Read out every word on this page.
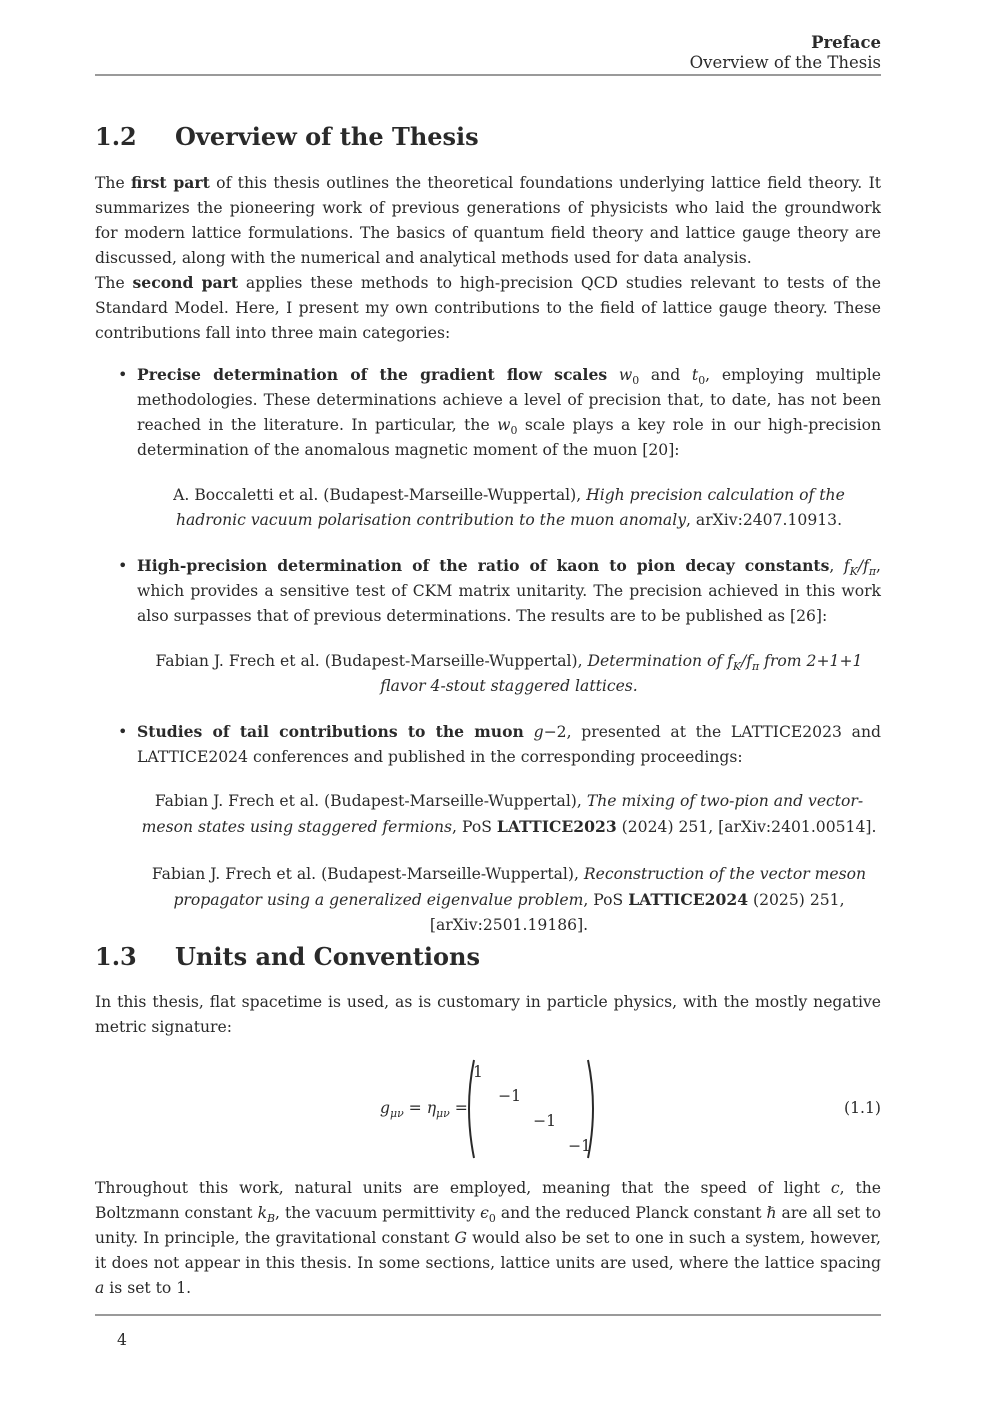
Preface
Overview of the Thesis
1.2 Overview of the Thesis
The first part of this thesis outlines the theoretical foundations underlying lattice field theory. It summarizes the pioneering work of previous generations of physicists who laid the groundwork for modern lattice formulations. The basics of quantum field theory and lattice gauge theory are discussed, along with the numerical and analytical methods used for data analysis.
The second part applies these methods to high-precision QCD studies relevant to tests of the Standard Model. Here, I present my own contributions to the field of lattice gauge theory. These contributions fall into three main categories:
• Precise determination of the gradient flow scales $w_0$ and $t_0$, employing multiple methodologies. These determinations achieve a level of precision that, to date, has not been reached in the literature. In particular, the $w_0$ scale plays a key role in our high-precision determination of the anomalous magnetic moment of the muon [20]:
A. Boccaletti et al. (Budapest-Marseille-Wuppertal), High precision calculation of the hadronic vacuum polarisation contribution to the muon anomaly, arXiv:2407.10913.
• High-precision determination of the ratio of kaon to pion decay constants, $f_K/f_\pi$, which provides a sensitive test of CKM matrix unitarity. The precision achieved in this work also surpasses that of previous determinations. The results are to be published as [26]:
Fabian J. Frech et al. (Budapest-Marseille-Wuppertal), Determination of $f_K/f_\pi$ from 2+1+1 flavor 4-stout staggered lattices.
• Studies of tail contributions to the muon g−2, presented at the LATTICE2023 and LATTICE2024 conferences and published in the corresponding proceedings:
Fabian J. Frech et al. (Budapest-Marseille-Wuppertal), The mixing of two-pion and vector-meson states using staggered fermions, PoS LATTICE2023 (2024) 251, [arXiv:2401.00514].
Fabian J. Frech et al. (Budapest-Marseille-Wuppertal), Reconstruction of the vector meson propagator using a generalized eigenvalue problem, PoS LATTICE2024 (2025) 251, [arXiv:2501.19186].
1.3 Units and Conventions
In this thesis, flat spacetime is used, as is customary in particle physics, with the mostly negative metric signature:
$g_{\mu\nu} = \eta_{\mu\nu}$ =
1
−1
−1
−1
(1.1)
Throughout this work, natural units are employed, meaning that the speed of light c, the Boltzmann constant $k_B$, the vacuum permittivity $\epsilon_0$ and the reduced Planck constant ℏ are all set to unity. In principle, the gravitational constant G would also be set to one in such a system, however, it does not appear in this thesis. In some sections, lattice units are used, where the lattice spacing a is set to 1.
4
